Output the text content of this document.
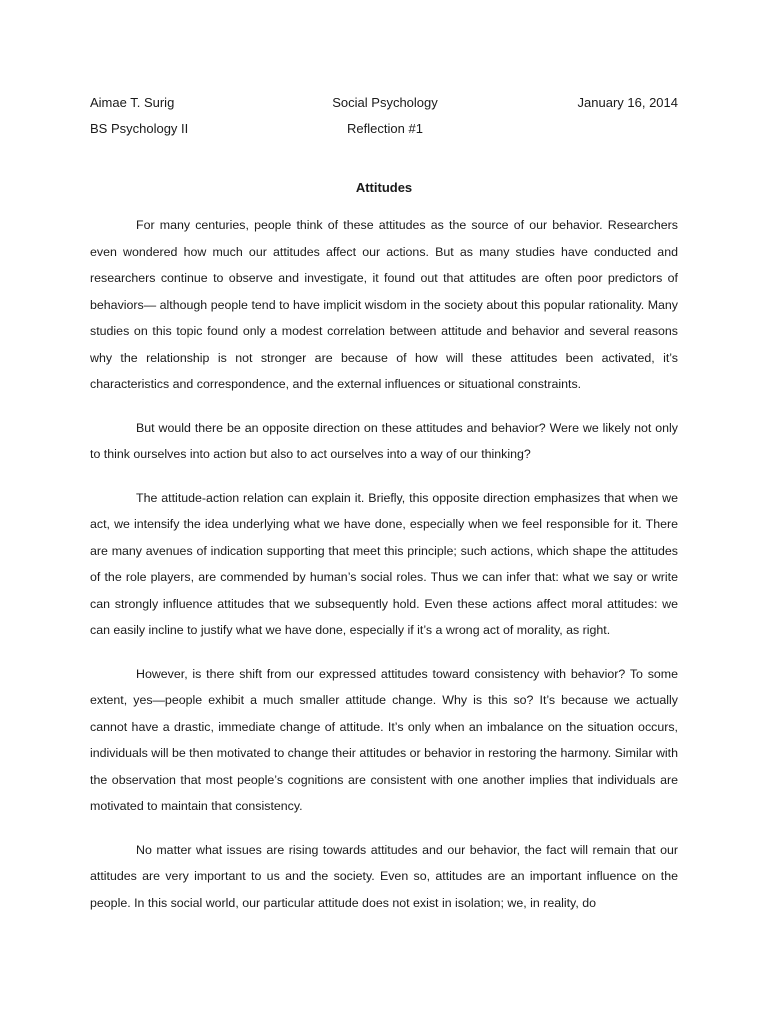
Aimae T. Surig	Social Psychology	January 16, 2014
BS Psychology II	Reflection #1
Attitudes

For many centuries, people think of these attitudes as the source of our behavior. Researchers even wondered how much our attitudes affect our actions. But as many studies have conducted and researchers continue to observe and investigate, it found out that attitudes are often poor predictors of behaviors— although people tend to have implicit wisdom in the society about this popular rationality. Many studies on this topic found only a modest correlation between attitude and behavior and several reasons why the relationship is not stronger are because of how will these attitudes been activated, it’s characteristics and correspondence, and the external influences or situational constraints.

But would there be an opposite direction on these attitudes and behavior? Were we likely not only to think ourselves into action but also to act ourselves into a way of our thinking?

The attitude-action relation can explain it. Briefly, this opposite direction emphasizes that when we act, we intensify the idea underlying what we have done, especially when we feel responsible for it. There are many avenues of indication supporting that meet this principle; such actions, which shape the attitudes of the role players, are commended by human’s social roles. Thus we can infer that: what we say or write can strongly influence attitudes that we subsequently hold. Even these actions affect moral attitudes: we can easily incline to justify what we have done, especially if it’s a wrong act of morality, as right.

However, is there shift from our expressed attitudes toward consistency with behavior? To some extent, yes—people exhibit a much smaller attitude change. Why is this so? It’s because we actually cannot have a drastic, immediate change of attitude. It’s only when an imbalance on the situation occurs, individuals will be then motivated to change their attitudes or behavior in restoring the harmony. Similar with the observation that most people’s cognitions are consistent with one another implies that individuals are motivated to maintain that consistency.

No matter what issues are rising towards attitudes and our behavior, the fact will remain that our attitudes are very important to us and the society. Even so, attitudes are an important influence on the people. In this social world, our particular attitude does not exist in isolation; we, in reality, do
